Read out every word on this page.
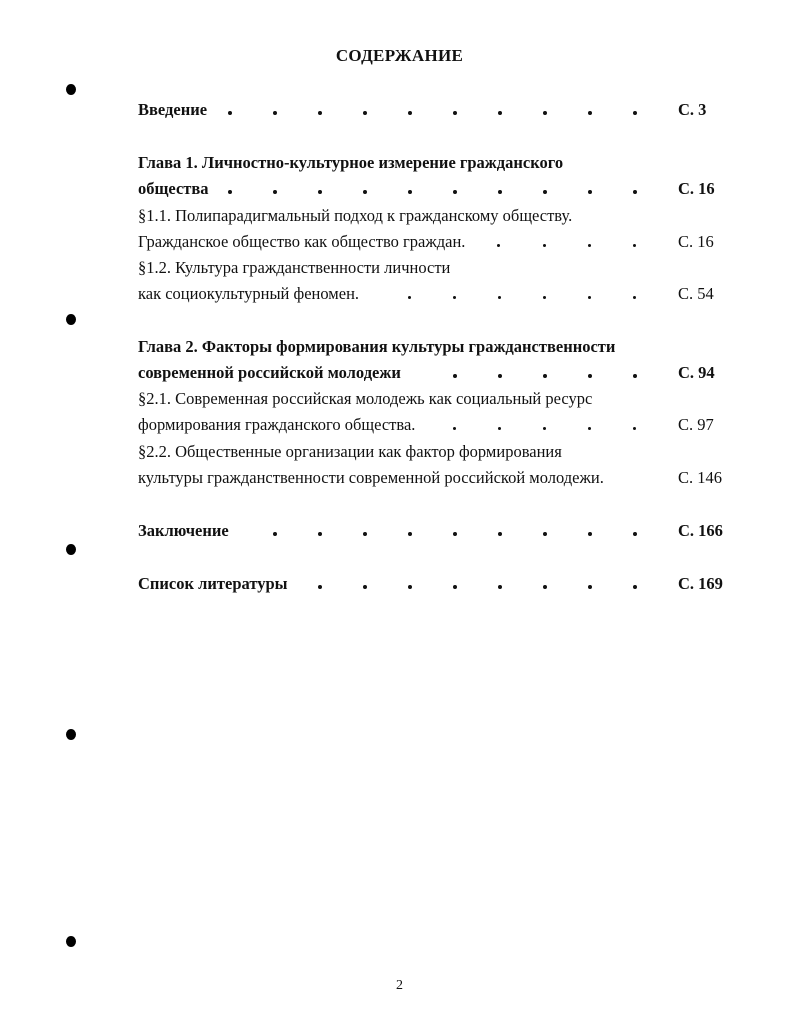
СОДЕРЖАНИЕ
Введение	С. 3
Глава 1. Личностно-культурное измерение гражданского
общества	С. 16
§1.1. Полипарадигмальный подход к гражданскому обществу.
Гражданское общество как общество граждан.	С. 16
§1.2. Культура гражданственности личности
как социокультурный феномен.	С. 54
Глава 2. Факторы формирования культуры гражданственности
современной российской молодежи	С. 94
§2.1. Современная российская молодежь как социальный ресурс
формирования гражданского общества.	С. 97
§2.2. Общественные организации как фактор формирования
культуры гражданственности современной российской молодежи.	С. 146
Заключение	С. 166
Список литературы	С. 169
2
